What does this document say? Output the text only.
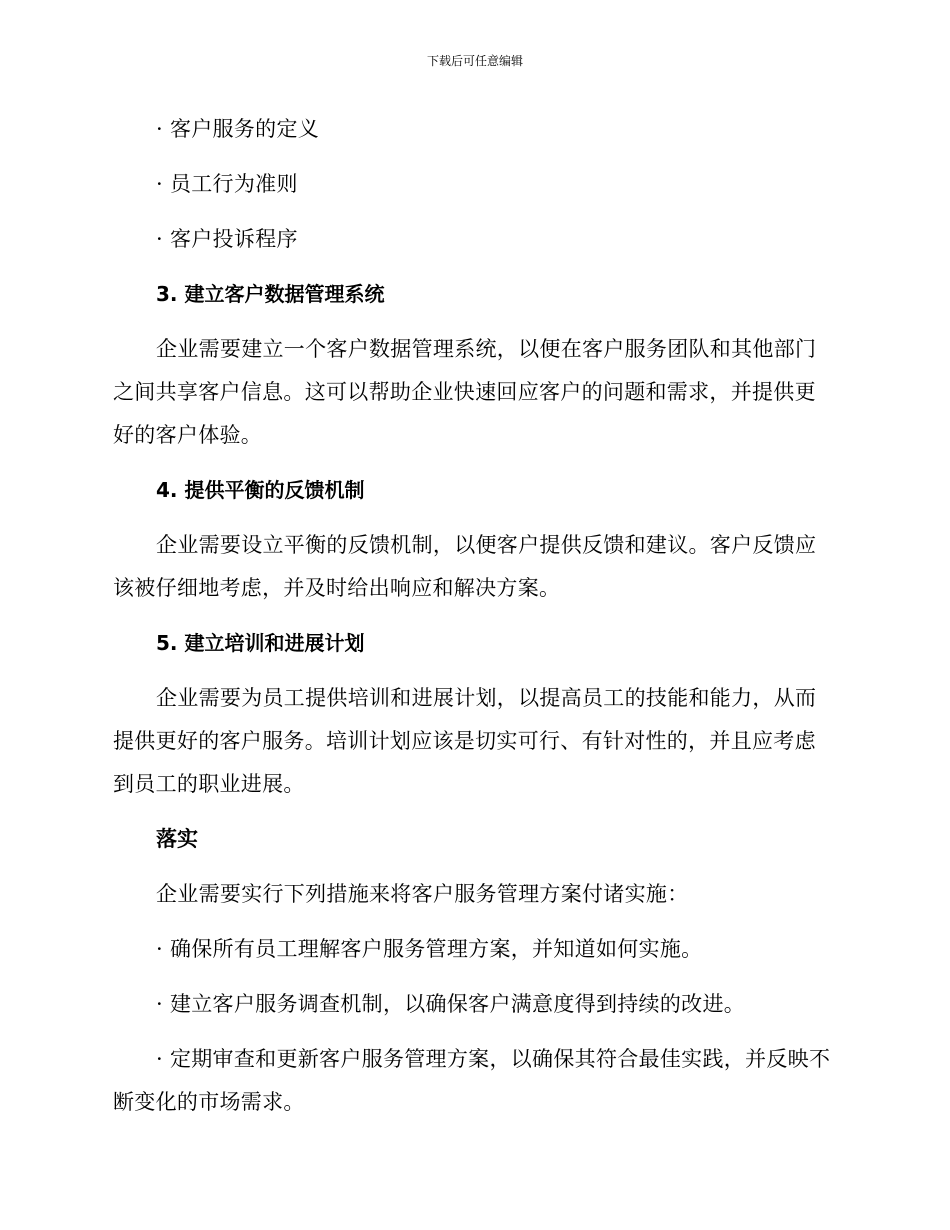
下载后可任意编辑

· 客户服务的定义

· 员工行为准则

· 客户投诉程序

3. 建立客户数据管理系统

企业需要建立一个客户数据管理系统，以便在客户服务团队和其他部门之间共享客户信息。这可以帮助企业快速回应客户的问题和需求，并提供更好的客户体验。

4. 提供平衡的反馈机制

企业需要设立平衡的反馈机制，以便客户提供反馈和建议。客户反馈应该被仔细地考虑，并及时给出响应和解决方案。

5. 建立培训和进展计划

企业需要为员工提供培训和进展计划，以提高员工的技能和能力，从而提供更好的客户服务。培训计划应该是切实可行、有针对性的，并且应考虑到员工的职业进展。

落实

企业需要实行下列措施来将客户服务管理方案付诸实施：

· 确保所有员工理解客户服务管理方案，并知道如何实施。

· 建立客户服务调查机制，以确保客户满意度得到持续的改进。

· 定期审查和更新客户服务管理方案，以确保其符合最佳实践，并反映不断变化的市场需求。
